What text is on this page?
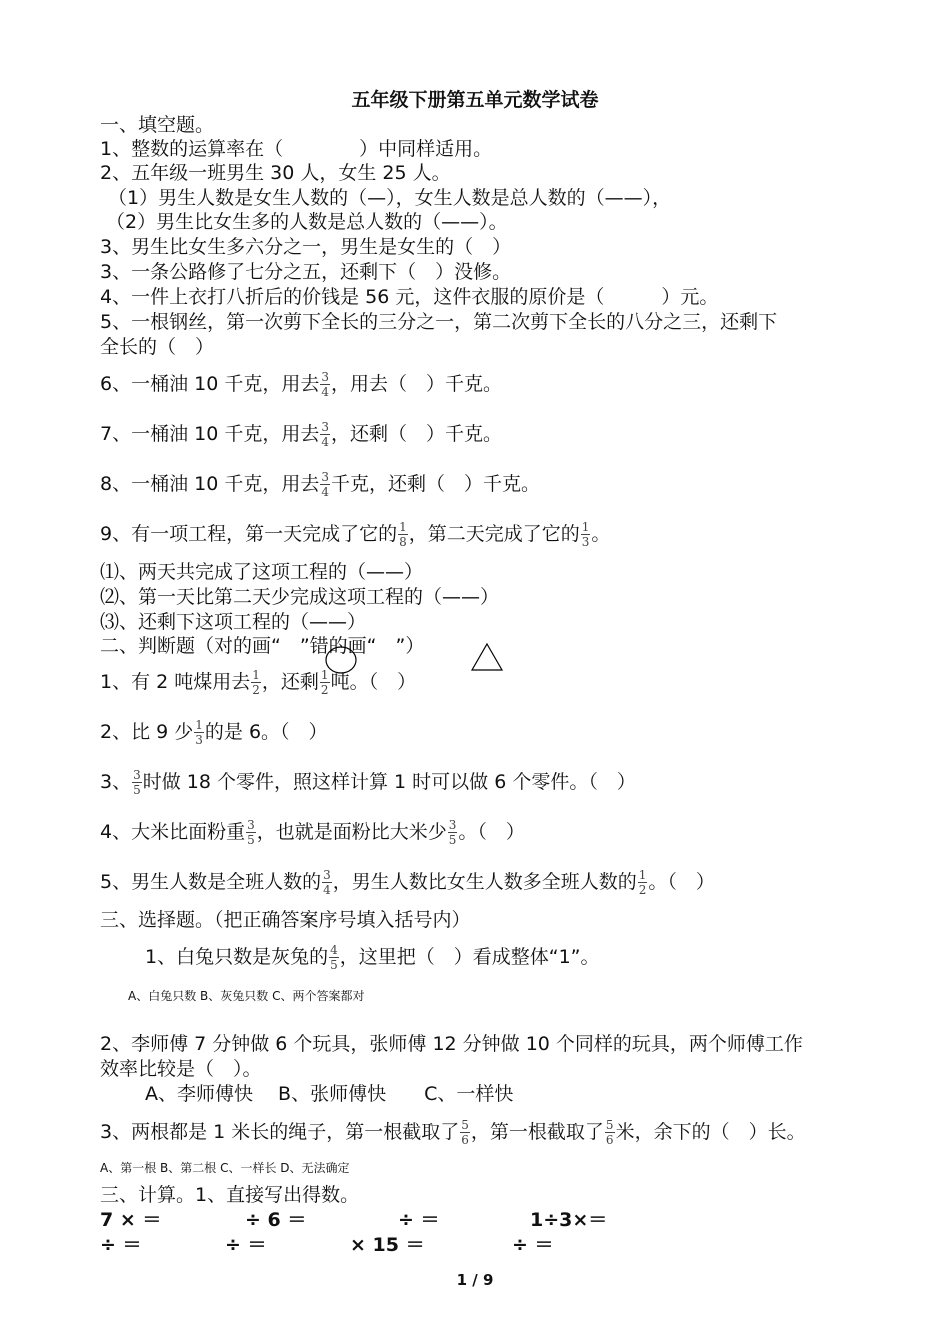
五年级下册第五单元数学试卷
一、填空题。
1、整数的运算率在（　　　　）中同样适用。
2、五年级一班男生 30 人，女生 25 人。
（1）男生人数是女生人数的（—），女生人数是总人数的（——），
（2）男生比女生多的人数是总人数的（——）。
3、男生比女生多六分之一，男生是女生的（　）
3、一条公路修了七分之五，还剩下（　）没修。
4、一件上衣打八折后的价钱是 56 元，这件衣服的原价是（　　　）元。
5、一根钢丝，第一次剪下全长的三分之一，第二次剪下全长的八分之三，还剩下
全长的（　）
6、一桶油 10 千克，用去 $\frac{3}{4}$ ，用去（　）千克。
7、一桶油 10 千克，用去 $\frac{3}{4}$ ，还剩（　）千克。
8、一桶油 10 千克，用去 $\frac{3}{4}$ 千克，还剩（　）千克。
9、有一项工程，第一天完成了它的 $\frac{1}{8}$ ，第二天完成了它的 $\frac{1}{3}$ 。
⑴、两天共完成了这项工程的（——）
⑵、第一天比第二天少完成这项工程的（——）
⑶、还剩下这项工程的（——）
二、判断题（对的画“　”错的画“　”）
1、有 2 吨煤用去 $\frac{1}{2}$ ，还剩 $\frac{1}{2}$ 吨。（　）
2、比 9 少 $\frac{1}{3}$ 的是 6。（　）
3、 $\frac{3}{5}$ 时做 18 个零件，照这样计算 1 时可以做 6 个零件。（　）
4、大米比面粉重 $\frac{3}{5}$ ，也就是面粉比大米少 $\frac{3}{5}$ 。（　）
5、男生人数是全班人数的 $\frac{3}{4}$ ，男生人数比女生人数多全班人数的 $\frac{1}{2}$ 。（　）
三、选择题。（把正确答案序号填入括号内）
1、白兔只数是灰兔的 $\frac{4}{5}$ ，这里把（　）看成整体“1”。
A、白兔只数 B、灰兔只数 C、两个答案都对
2、李师傅 7 分钟做 6 个玩具，张师傅 12 分钟做 10 个同样的玩具，两个师傅工作
效率比较是（　）。
A、李师傅快　 B、张师傅快　　C、一样快
3、两根都是 1 米长的绳子，第一根截取了 $\frac{5}{6}$ ，第一根截取了 $\frac{5}{6}$ 米，余下的（　）长。
A、第一根 B、第二根 C、一样长 D、无法确定
三、计算。1、直接写出得数。
7 × ＝	÷ 6 ＝	÷ ＝	1÷3×＝
÷ ＝	÷ ＝	× 15 ＝	÷ ＝
1 / 9
